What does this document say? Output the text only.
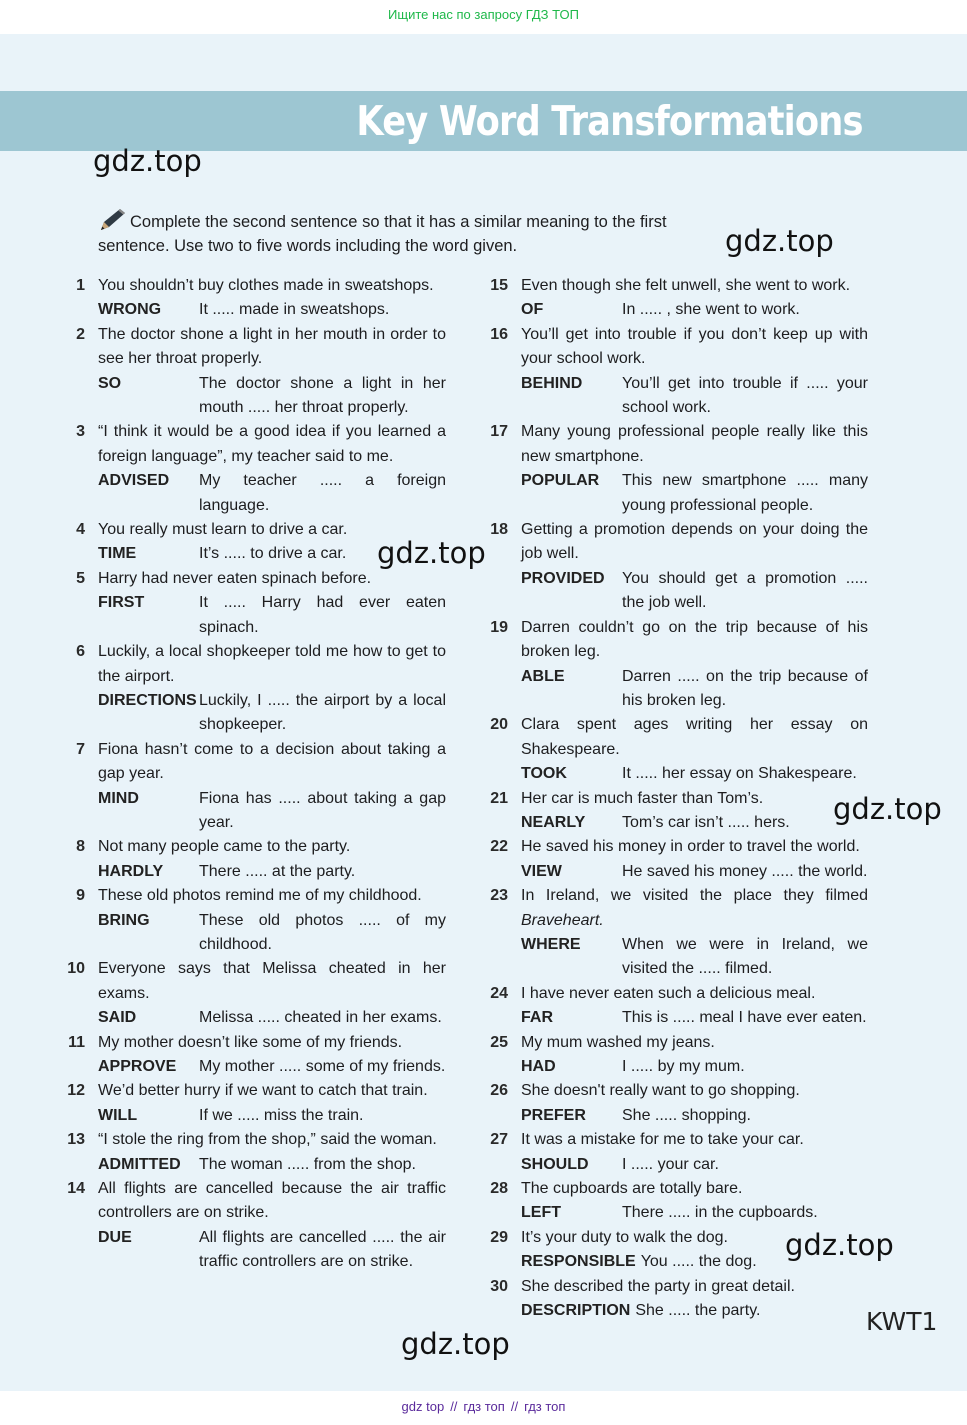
Ищите нас по запросу ГДЗ ТОП
Key Word Transformations
gdz.top
gdz.top
gdz.top
gdz.top
gdz.top
gdz.top
Complete the second sentence so that it has a similar meaning to the first sentence. Use two to five words including the word given.
1 You shouldn’t buy clothes made in sweatshops.
WRONG It ..... made in sweatshops.
2 The doctor shone a light in her mouth in order to see her throat properly.
SO	The doctor shone a light in her mouth ..... her throat properly.
3 “I think it would be a good idea if you learned a foreign language”, my teacher said to me.
ADVISED My teacher ..... a foreign language.
4 You really must learn to drive a car.
TIME	It’s ..... to drive a car.
5 Harry had never eaten spinach before.
FIRST	It ..... Harry had ever eaten spinach.
6 Luckily, a local shopkeeper told me how to get to the airport.
DIRECTIONS Luckily, I ..... the airport by a local shopkeeper.
7 Fiona hasn’t come to a decision about taking a gap year.
MIND	Fiona has ..... about taking a gap year.
8 Not many people came to the party.
HARDLY There ..... at the party.
9 These old photos remind me of my childhood.
BRING	These old photos ..... of my childhood.
10 Everyone says that Melissa cheated in her exams.
SAID	Melissa ..... cheated in her exams.
11 My mother doesn’t like some of my friends.
APPROVE My mother ..... some of my friends.
12 We’d better hurry if we want to catch that train.
WILL	If we ..... miss the train.
13 “I stole the ring from the shop,” said the woman.
ADMITTED The woman ..... from the shop.
14 All flights are cancelled because the air traffic controllers are on strike.
DUE	All flights are cancelled ..... the air traffic controllers are on strike.
15 Even though she felt unwell, she went to work.
OF	In ..... , she went to work.
16 You’ll get into trouble if you don’t keep up with your school work.
BEHIND You’ll get into trouble if ..... your school work.
17 Many young professional people really like this new smartphone.
POPULAR This new smartphone ..... many young professional people.
18 Getting a promotion depends on your doing the job well.
PROVIDED You should get a promotion ..... the job well.
19 Darren couldn’t go on the trip because of his broken leg.
ABLE	Darren ..... on the trip because of his broken leg.
20 Clara spent ages writing her essay on Shakespeare.
TOOK	It ..... her essay on Shakespeare.
21 Her car is much faster than Tom’s.
NEARLY Tom’s car isn’t ..... hers.
22 He saved his money in order to travel the world.
VIEW	He saved his money ..... the world.
23 In Ireland, we visited the place they filmed Braveheart.
WHERE	When we were in Ireland, we visited the ..... filmed.
24 I have never eaten such a delicious meal.
FAR	This is ..... meal I have ever eaten.
25 My mum washed my jeans.
HAD	I ..... by my mum.
26 She doesn't really want to go shopping.
PREFER She ..... shopping.
27 It was a mistake for me to take your car.
SHOULD I ..... your car.
28 The cupboards are totally bare.
LEFT	There ..... in the cupboards.
29 It’s your duty to walk the dog.
RESPONSIBLE You ..... the dog.
30 She described the party in great detail.
DESCRIPTION She ..... the party.	KWT1
gdz top // гдз топ // гдз топ
